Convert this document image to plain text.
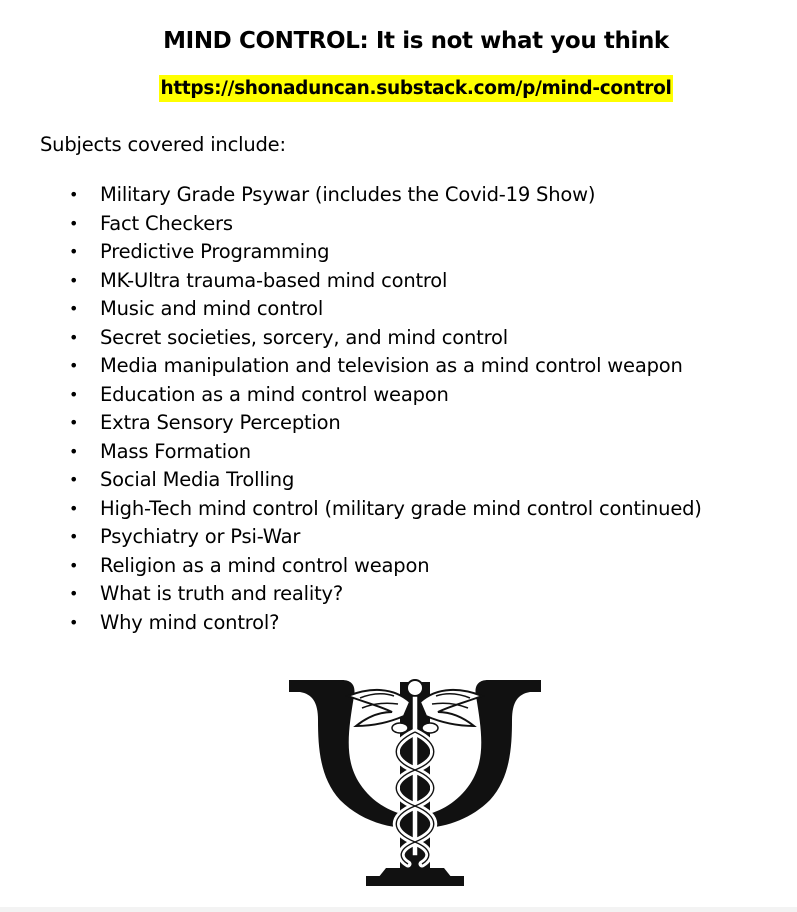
MIND CONTROL: It is not what you think
https://shonaduncan.substack.com/p/mind-control
Subjects covered include:
• Military Grade Psywar (includes the Covid-19 Show)
• Fact Checkers
• Predictive Programming
• MK-Ultra trauma-based mind control
• Music and mind control
• Secret societies, sorcery, and mind control
• Media manipulation and television as a mind control weapon
• Education as a mind control weapon
• Extra Sensory Perception
• Mass Formation
• Social Media Trolling
• High-Tech mind control (military grade mind control continued)
• Psychiatry or Psi-War
• Religion as a mind control weapon
• What is truth and reality?
• Why mind control?
